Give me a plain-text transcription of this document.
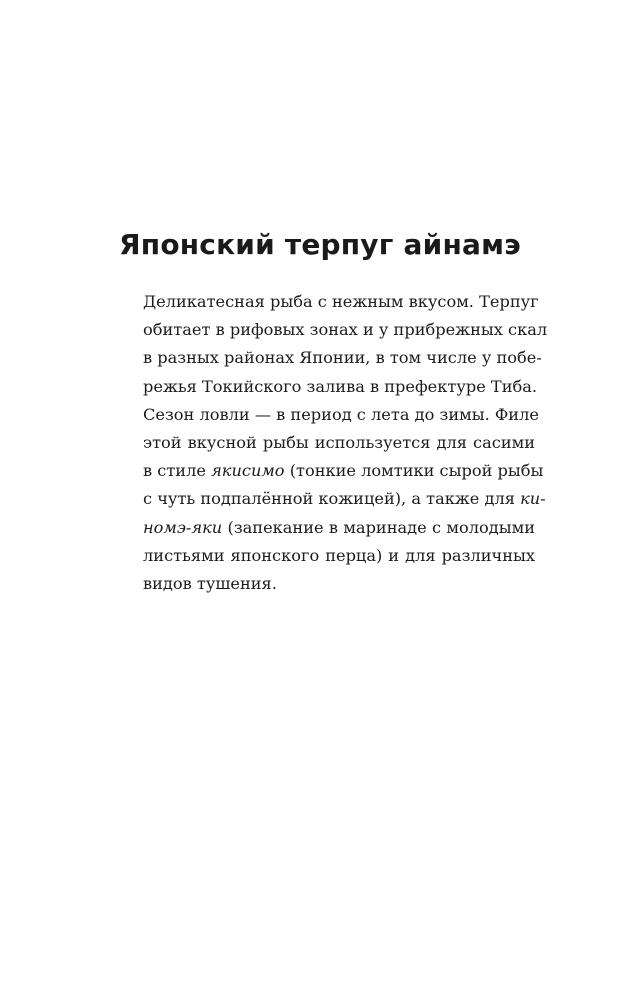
Японский терпуг айнамэ
Деликатесная рыба с нежным вкусом. Терпуг
обитает в рифовых зонах и у прибрежных скал
в разных районах Японии, в том числе у побе-
режья Токийского залива в префектуре Тиба.
Сезон ловли — в период с лета до зимы. Филе
этой вкусной рыбы используется для сасими
в стиле якисимо (тонкие ломтики сырой рыбы
с чуть подпалённой кожицей), а также для ки-
номэ-яки (запекание в маринаде с молодыми
листьями японского перца) и для различных
видов тушения.
